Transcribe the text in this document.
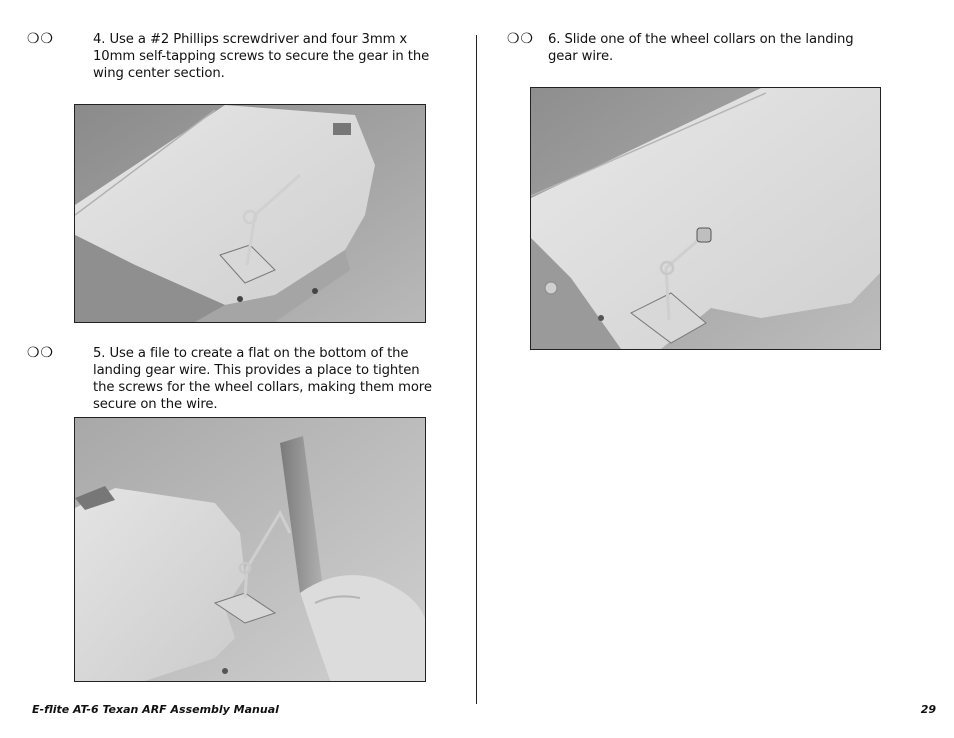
❍❍	4. Use a #2 Phillips screwdriver and four 3mm x 10mm self-tapping screws to secure the gear in the wing center section.
❍❍	5. Use a file to create a flat on the bottom of the landing gear wire. This provides a place to tighten the screws for the wheel collars, making them more secure on the wire.
❍❍ 6. Slide one of the wheel collars on the landing gear wire.
E-flite AT-6 Texan ARF Assembly Manual	29
